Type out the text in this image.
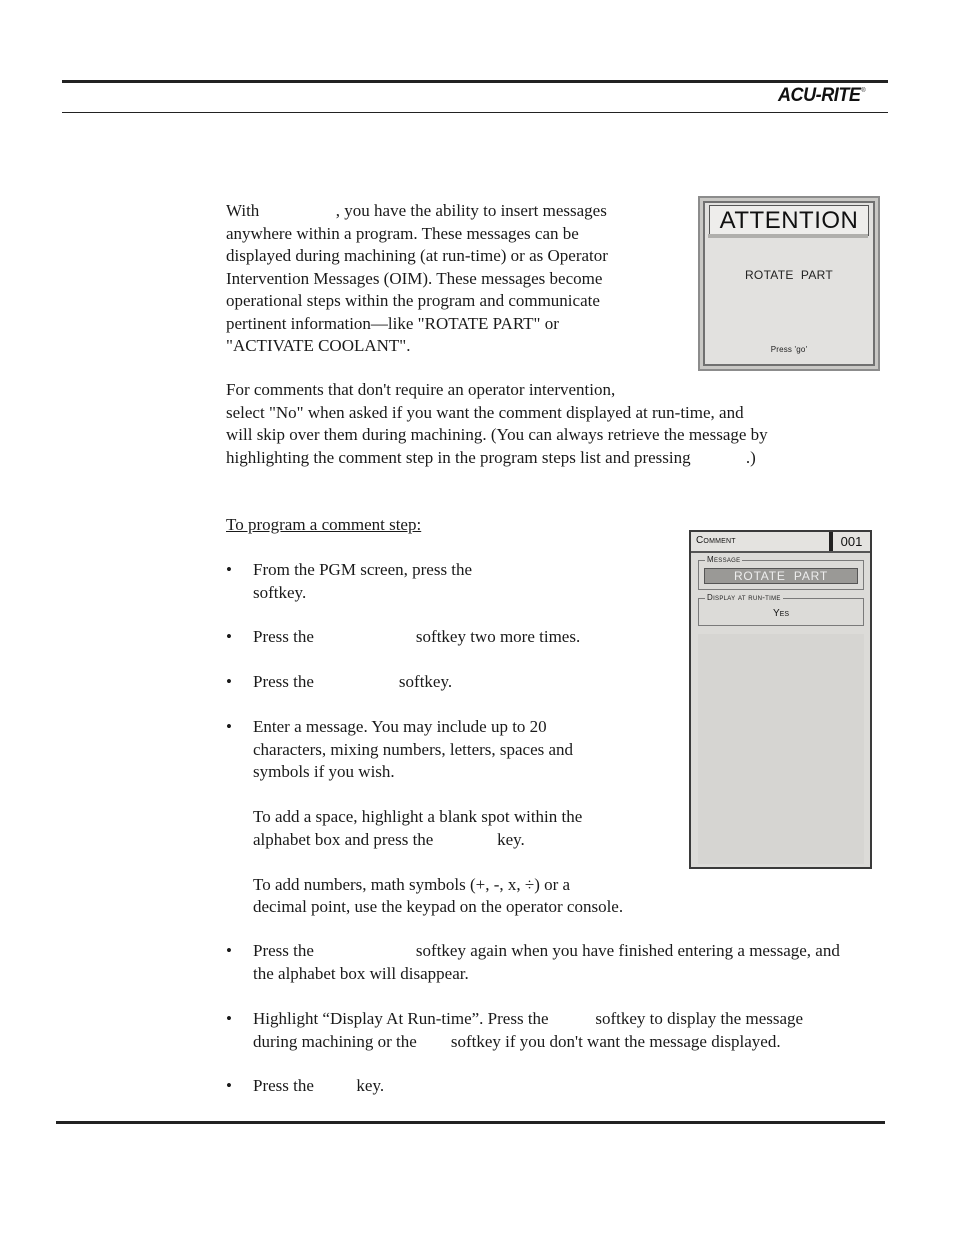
ACU-RITE®
With                  , you have the ability to insert messages
anywhere within a program. These messages can be
displayed during machining (at run-time) or as Operator
Intervention Messages (OIM). These messages become
operational steps within the program and communicate
pertinent information—like "ROTATE PART" or
"ACTIVATE COOLANT".
ATTENTION
ROTATE  PART
Press 'go'
For comments that don't require an operator intervention,
select "No" when asked if you want the comment displayed at run-time, and
will skip over them during machining. (You can always retrieve the message by
highlighting the comment step in the program steps list and pressing             .)
To program a comment step:
• From the PGM screen, press the
softkey.
• Press the                        softkey two more times.
• Press the                    softkey.
• Enter a message. You may include up to 20
characters, mixing numbers, letters, spaces and
symbols if you wish.
To add a space, highlight a blank spot within the
alphabet box and press the               key.
To add numbers, math symbols (+, -, x, ÷) or a
decimal point, use the keypad on the operator console.
• Press the                        softkey again when you have finished entering a message, and
the alphabet box will disappear.
• Highlight “Display At Run-time”. Press the           softkey to display the message
during machining or the        softkey if you don't want the message displayed.
• Press the          key.
Comment	001
Message
ROTATE  PART
Display at run-time
Yes
